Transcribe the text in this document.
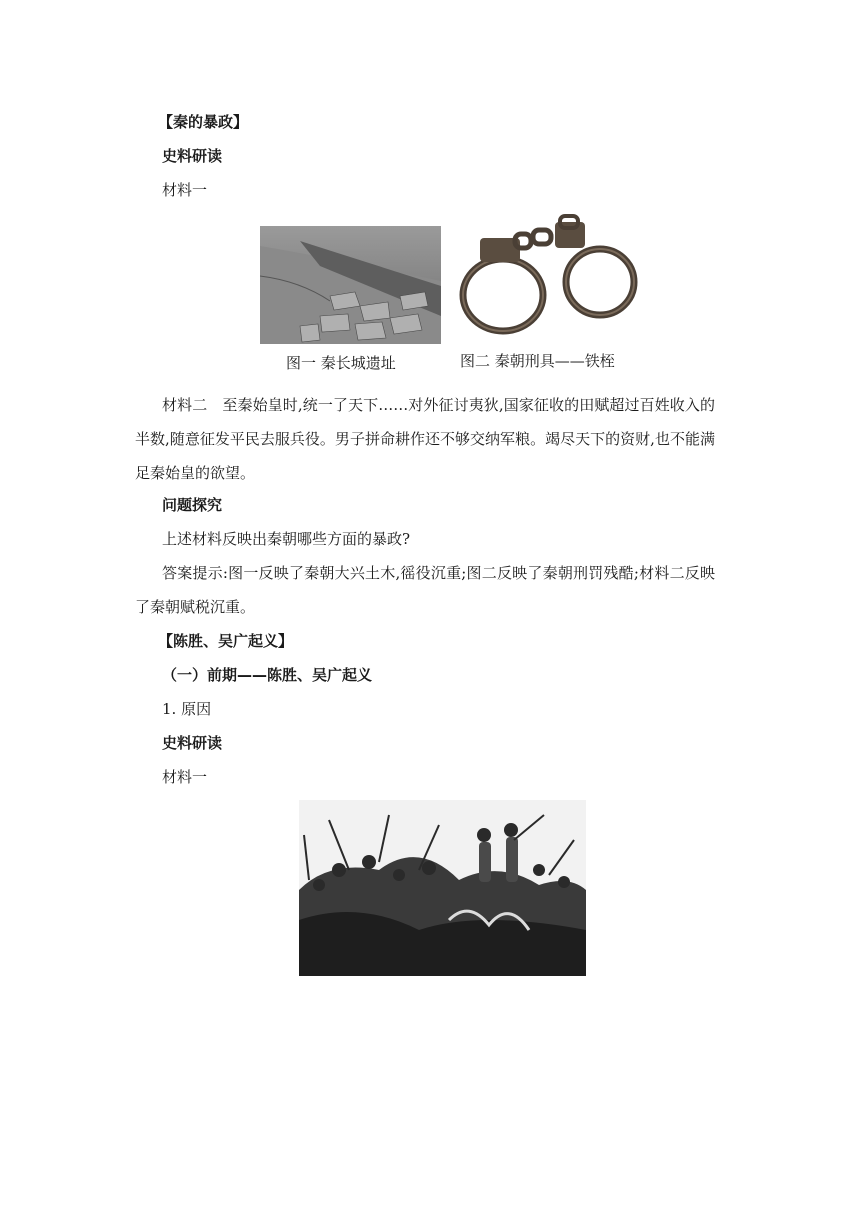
【秦的暴政】
史料研读
材料一
图一 秦长城遗址	图二 秦朝刑具——铁桎
材料二　至秦始皇时,统一了天下……对外征讨夷狄,国家征收的田赋超过百姓收入的半数,随意征发平民去服兵役。男子拼命耕作还不够交纳军粮。竭尽天下的资财,也不能满足秦始皇的欲望。
问题探究
上述材料反映出秦朝哪些方面的暴政?
答案提示:图一反映了秦朝大兴土木,徭役沉重;图二反映了秦朝刑罚残酷;材料二反映了秦朝赋税沉重。
【陈胜、吴广起义】
（一）前期——陈胜、吴广起义
1. 原因
史料研读
材料一
